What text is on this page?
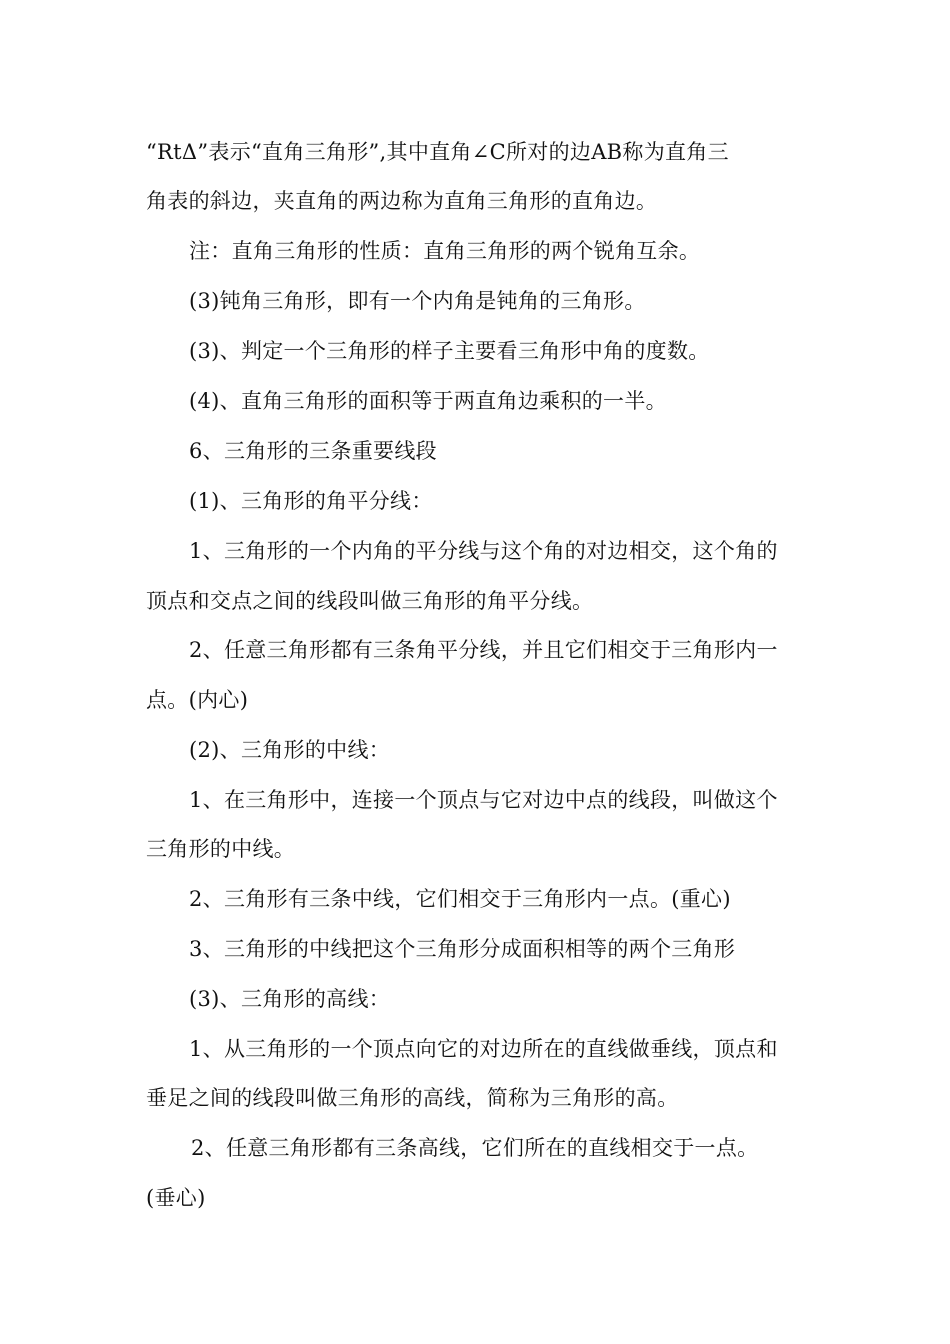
“RtΔ”表示“直角三角形”,其中直角∠C所对的边AB称为直角三
角表的斜边，夹直角的两边称为直角三角形的直角边。
注：直角三角形的性质：直角三角形的两个锐角互余。
(3)钝角三角形，即有一个内角是钝角的三角形。
(3)、判定一个三角形的样子主要看三角形中角的度数。
(4)、直角三角形的面积等于两直角边乘积的一半。
6、三角形的三条重要线段
(1)、三角形的角平分线：
1、三角形的一个内角的平分线与这个角的对边相交，这个角的
顶点和交点之间的线段叫做三角形的角平分线。
2、任意三角形都有三条角平分线，并且它们相交于三角形内一
点。(内心)
(2)、三角形的中线：
1、在三角形中，连接一个顶点与它对边中点的线段，叫做这个
三角形的中线。
2、三角形有三条中线，它们相交于三角形内一点。(重心)
3、三角形的中线把这个三角形分成面积相等的两个三角形
(3)、三角形的高线：
1、从三角形的一个顶点向它的对边所在的直线做垂线，顶点和
垂足之间的线段叫做三角形的高线，简称为三角形的高。
2、任意三角形都有三条高线，它们所在的直线相交于一点。
(垂心)
